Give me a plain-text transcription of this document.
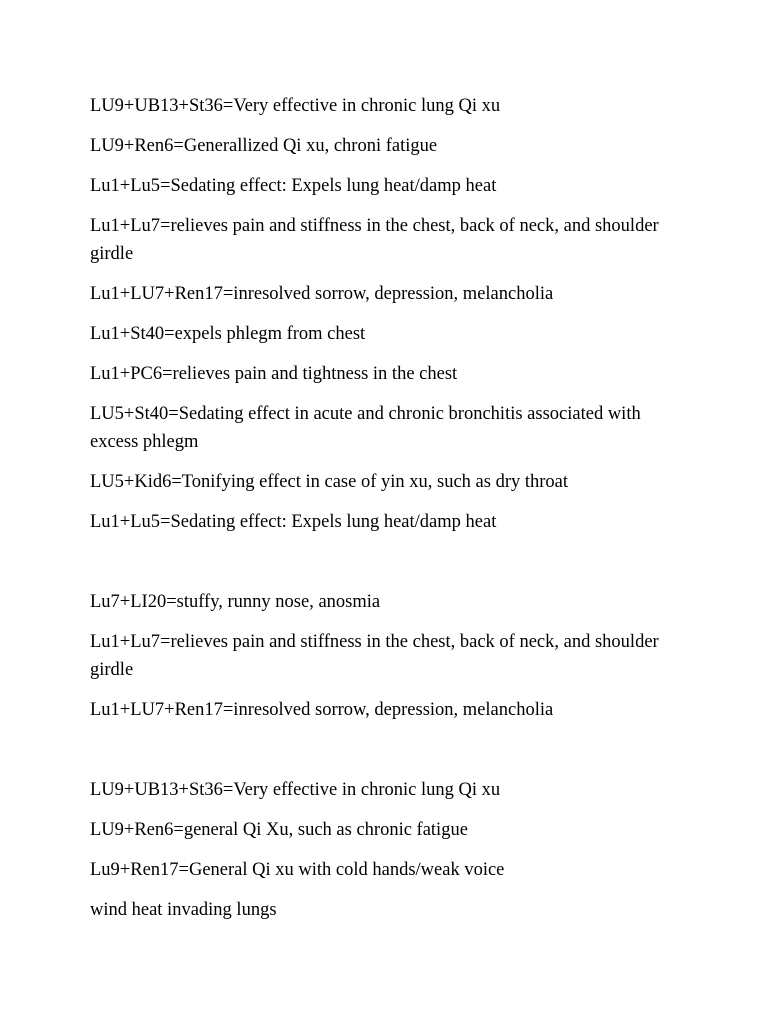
LU9+UB13+St36=Very effective in chronic lung Qi xu

LU9+Ren6=Generallized Qi xu, chroni fatigue

Lu1+Lu5=Sedating effect: Expels lung heat/damp heat

Lu1+Lu7=relieves pain and stiffness in the chest, back of neck, and shoulder girdle

Lu1+LU7+Ren17=inresolved sorrow, depression, melancholia

Lu1+St40=expels phlegm from chest

Lu1+PC6=relieves pain and tightness in the chest

LU5+St40=Sedating effect in acute and chronic bronchitis associated with excess phlegm

LU5+Kid6=Tonifying effect in case of yin xu, such as dry throat

Lu1+Lu5=Sedating effect: Expels lung heat/damp heat

Lu7+LI20=stuffy, runny nose, anosmia

Lu1+Lu7=relieves pain and stiffness in the chest, back of neck, and shoulder girdle

Lu1+LU7+Ren17=inresolved sorrow, depression, melancholia

LU9+UB13+St36=Very effective in chronic lung Qi xu

LU9+Ren6=general Qi Xu, such as chronic fatigue

Lu9+Ren17=General Qi xu with cold hands/weak voice

wind heat invading lungs
